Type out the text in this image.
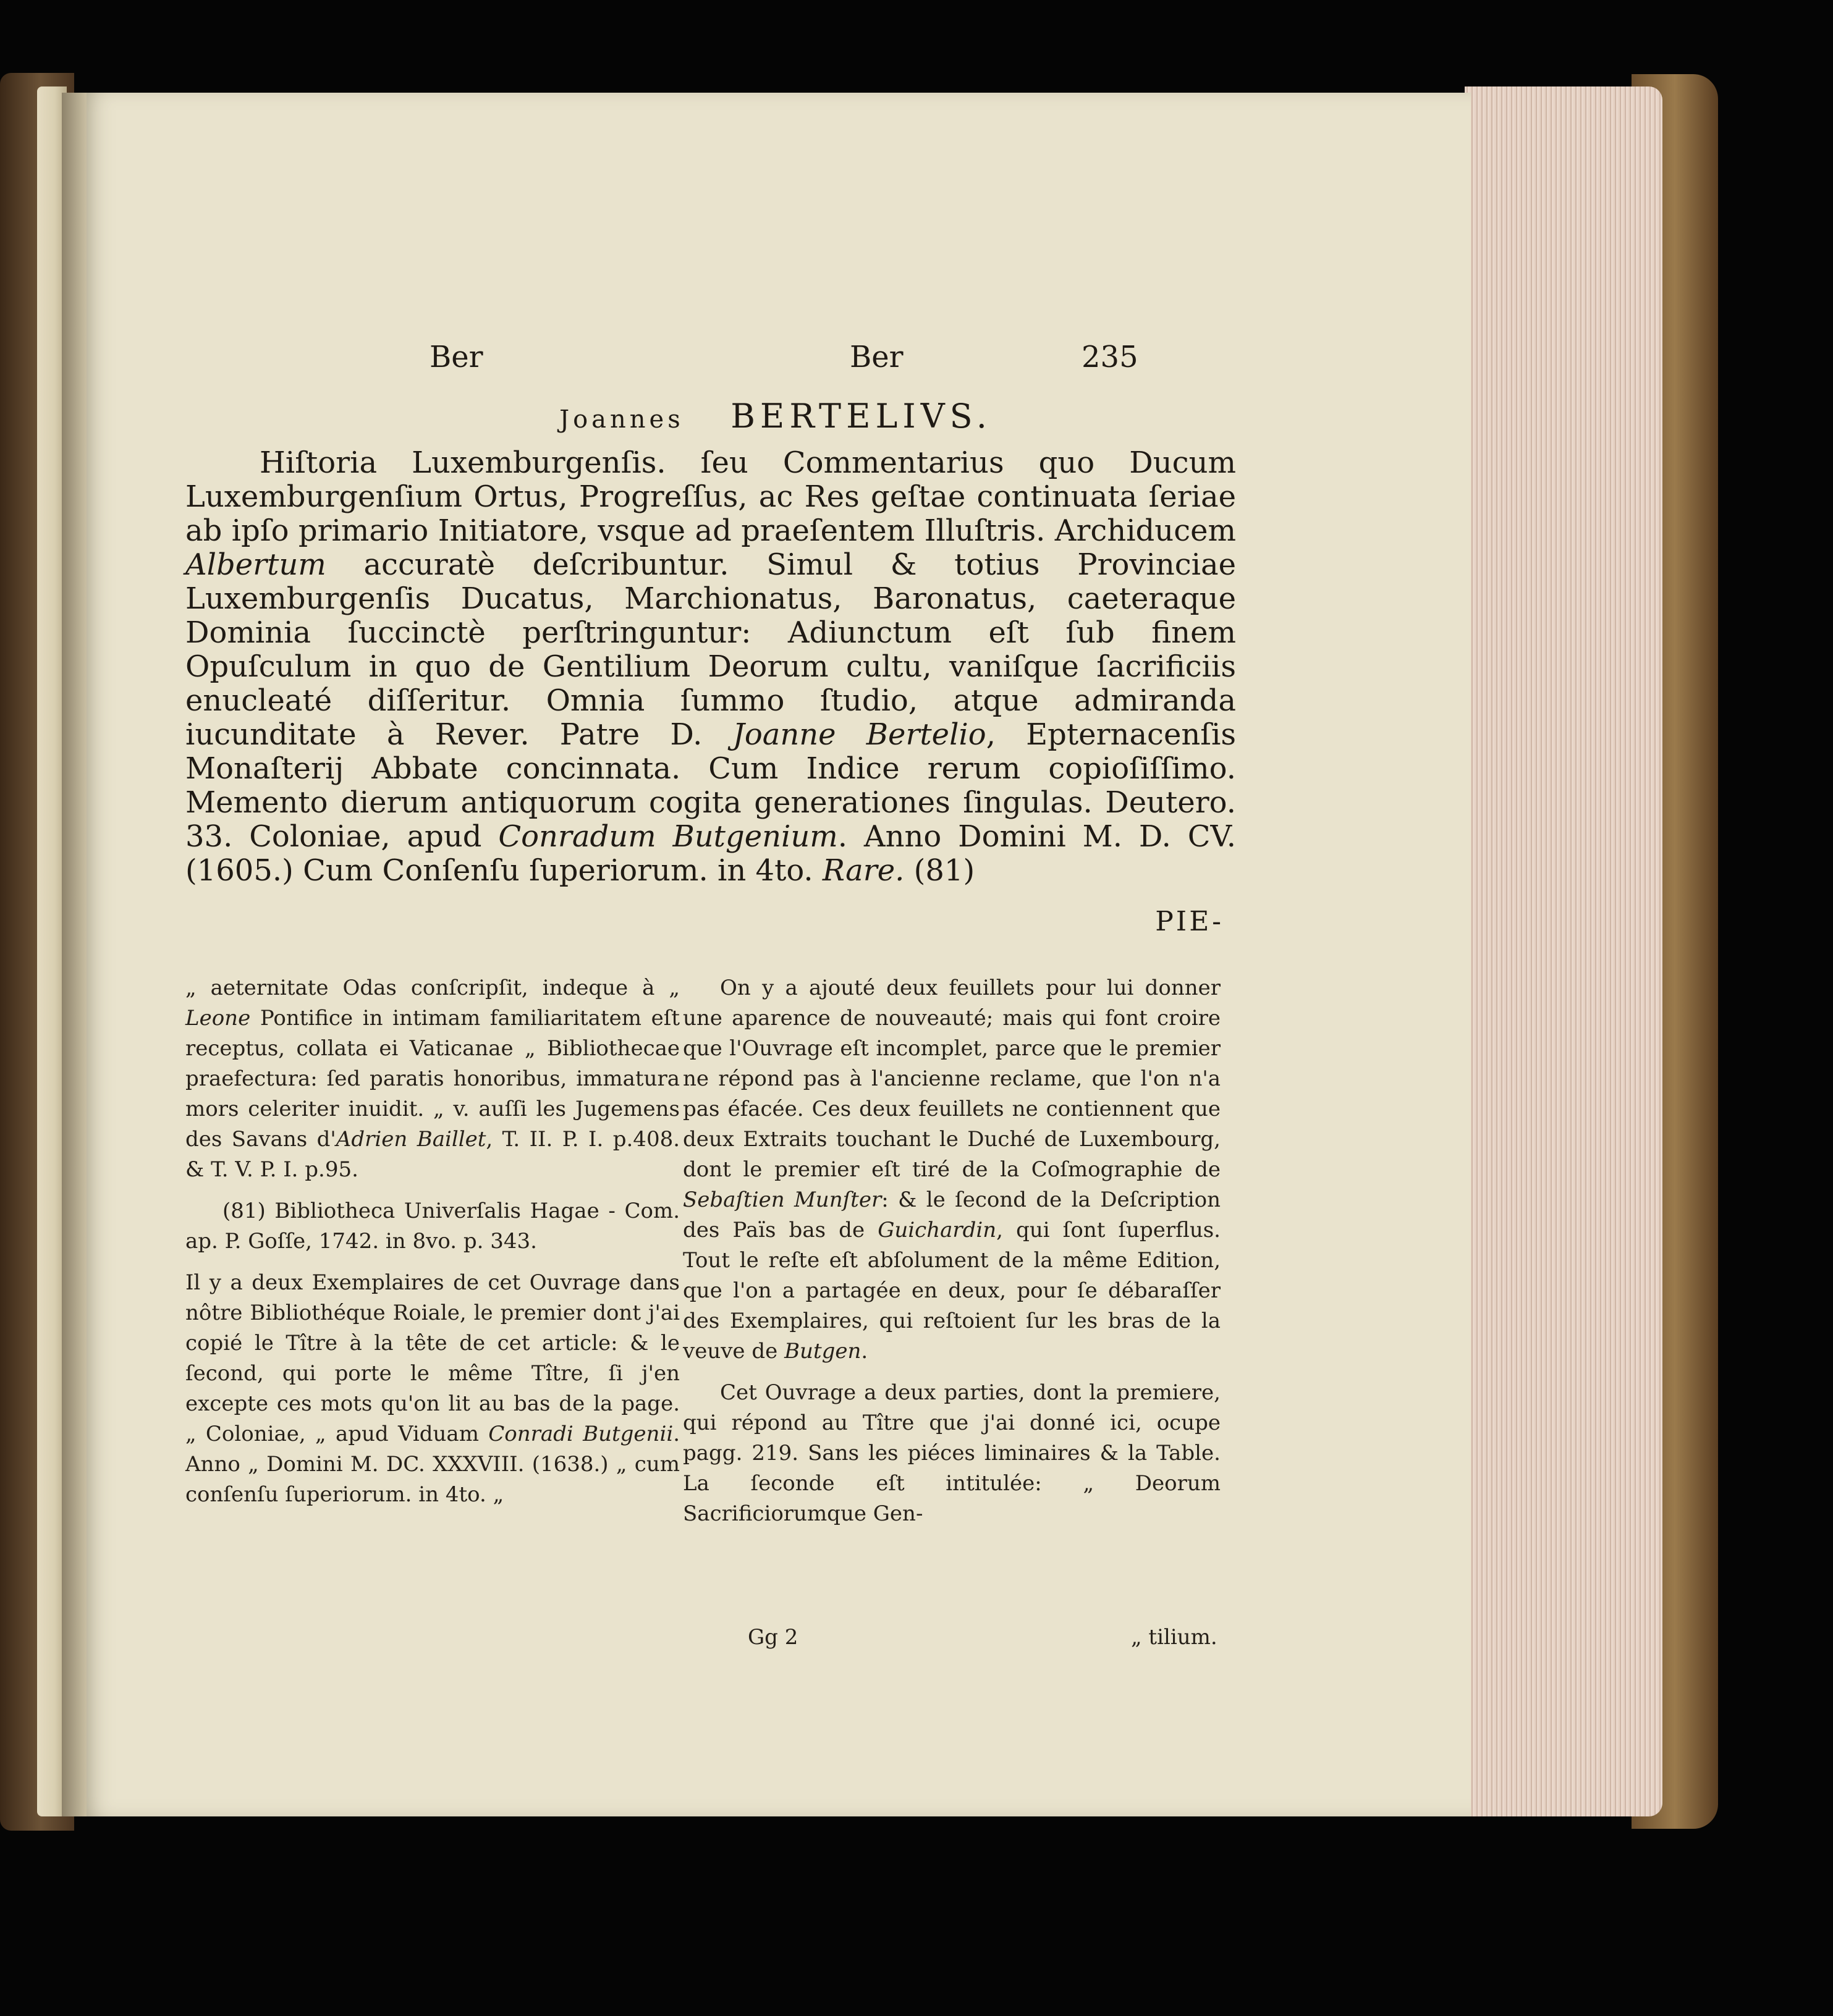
Ber	Ber	235
Joannes BERTELIVS.

Hiſtoria Luxemburgenſis. ſeu Commentarius quo Ducum Luxemburgenſium Ortus, Progreſſus, ac Res geſtae continuata ſeriae ab ipſo primario Initiatore, vsque ad praeſentem Illuſtris. Archiducem Albertum accuratè deſcribuntur. Simul & totius Provinciae Luxemburgenſis Ducatus, Marchionatus, Baronatus, caeteraque Dominia ſuccinctè perſtringuntur: Adiunctum eſt ſub finem Opuſculum in quo de Gentilium Deorum cultu, vaniſque ſacrificiis enucleaté diſſeritur. Omnia ſummo ſtudio, atque admiranda iucunditate à Rever. Patre D. Joanne Bertelio, Epternacenſis Monaſterij Abbate concinnata. Cum Indice rerum copioſiſſimo. Memento dierum antiquorum cogita generationes ſingulas. Deutero. 33. Coloniae, apud Conradum Butgenium. Anno Domini M. D. CV. (1605.) Cum Conſenſu ſuperiorum. in 4to. Rare. (81)

PIE-

„ aeternitate Odas conſcripſit, indeque à „ Leone Pontifice in intimam familiaritatem eſt receptus, collata ei Vaticanae „ Bibliothecae praefectura: ſed paratis honoribus, immatura mors celeriter inuidit. „ v. auſſi les Jugemens des Savans d'Adrien Baillet, T. II. P. I. p.408. & T. V. P. I. p.95.

(81) Bibliotheca Univerſalis Hagae - Com. ap. P. Goſſe, 1742. in 8vo. p. 343.

Il y a deux Exemplaires de cet Ouvrage dans nôtre Bibliothéque Roiale, le premier dont j'ai copié le Tître à la tête de cet article: & le ſecond, qui porte le même Tître, ſi j'en excepte ces mots qu'on lit au bas de la page. „ Coloniae, „ apud Viduam Conradi Butgenii. Anno „ Domini M. DC. XXXVIII. (1638.) „ cum conſenſu ſuperiorum. in 4to. „

On y a ajouté deux feuillets pour lui donner une aparence de nouveauté; mais qui font croire que l'Ouvrage eſt incomplet, parce que le premier ne répond pas à l'ancienne reclame, que l'on n'a pas éfacée. Ces deux feuillets ne contiennent que deux Extraits touchant le Duché de Luxembourg, dont le premier eſt tiré de la Coſmographie de Sebaſtien Munſter: & le ſecond de la Deſcription des Païs bas de Guichardin, qui ſont ſuperflus. Tout le reſte eſt abſolument de la même Edition, que l'on a partagée en deux, pour ſe débaraſſer des Exemplaires, qui reſtoient ſur les bras de la veuve de Butgen.

Cet Ouvrage a deux parties, dont la premiere, qui répond au Tître que j'ai donné ici, ocupe pagg. 219. Sans les piéces liminaires & la Table. La ſeconde eſt intitulée: „ Deorum Sacrificiorumque Gen-

Gg 2	„ tilium.
